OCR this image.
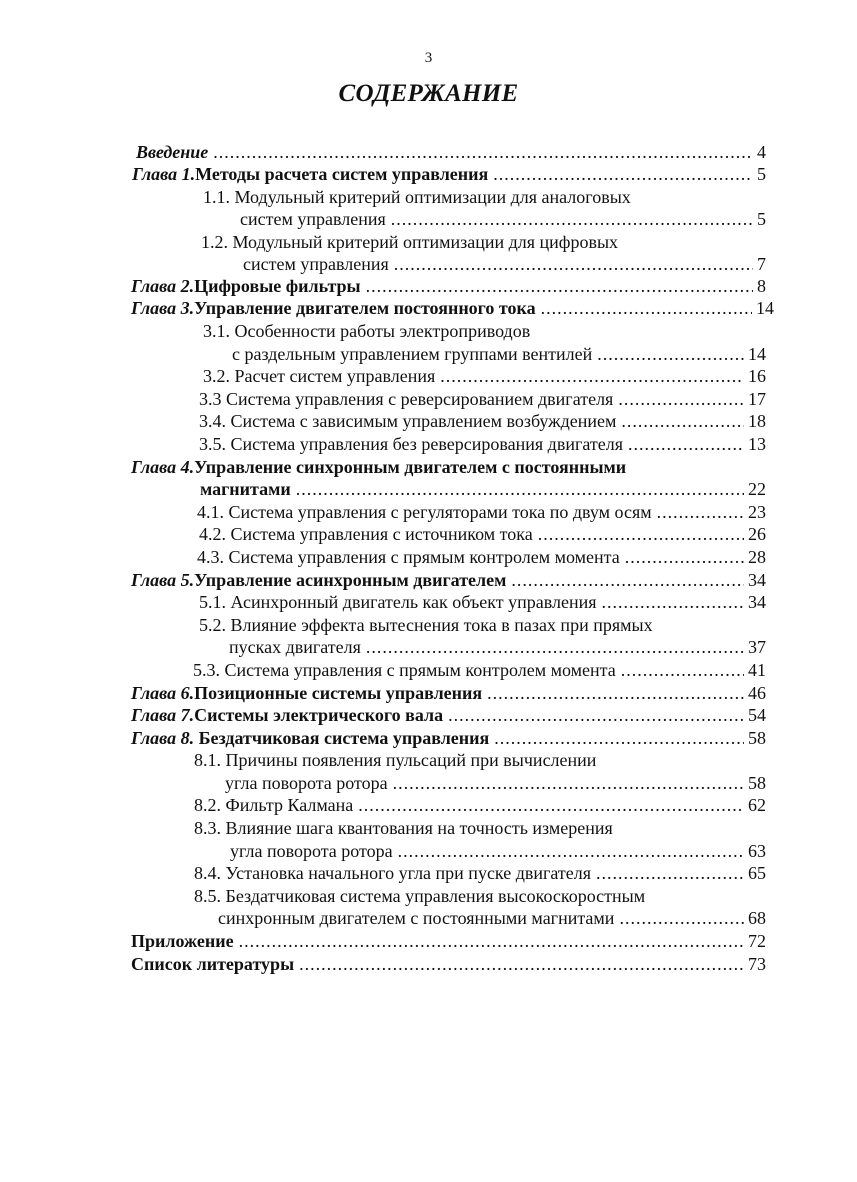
3
СОДЕРЖАНИЕ
Введение .....	4
Глава 1. Методы расчета систем управления .....	5
1.1. Модульный критерий оптимизации для аналоговых
систем управления .....	5
1.2. Модульный критерий оптимизации для цифровых
систем управления .....	7
Глава 2. Цифровые фильтры .....	8
Глава 3. Управление двигателем постоянного тока .....	14
3.1. Особенности работы электроприводов
с раздельным управлением группами вентилей .....	14
3.2. Расчет систем управления .....	16
3.3 Система управления с реверсированием двигателя .....	17
3.4. Система с зависимым управлением возбуждением .....	18
3.5. Система управления без реверсирования двигателя .....	13
Глава 4.Управление синхронным двигателем с постоянными
магнитами .....	22
4.1. Система управления с регуляторами тока по двум осям .....	23
4.2. Система управления с источником тока .....	26
4.3. Система управления с прямым контролем момента .....	28
Глава 5. Управление асинхронным двигателем .....	34
5.1. Асинхронный двигатель как объект управления .....	34
5.2. Влияние эффекта вытеснения тока в пазах при прямых
пусках двигателя .....	37
5.3. Система управления с прямым контролем момента .....	41
Глава 6. Позиционные системы управления .....	46
Глава 7. Системы электрического вала .....	54
Глава 8. Бездатчиковая система управления .....	58
8.1. Причины появления пульсаций при вычислении
угла поворота ротора .....	58
8.2. Фильтр Калмана .....	62
8.3. Влияние шага квантования на точность измерения
угла поворота ротора .....	63
8.4. Установка начального угла при пуске двигателя .....	65
8.5. Бездатчиковая система управления высокоскоростным
синхронным двигателем с постоянными магнитами .....	68
Приложение .....	72
Список литературы .....	73
